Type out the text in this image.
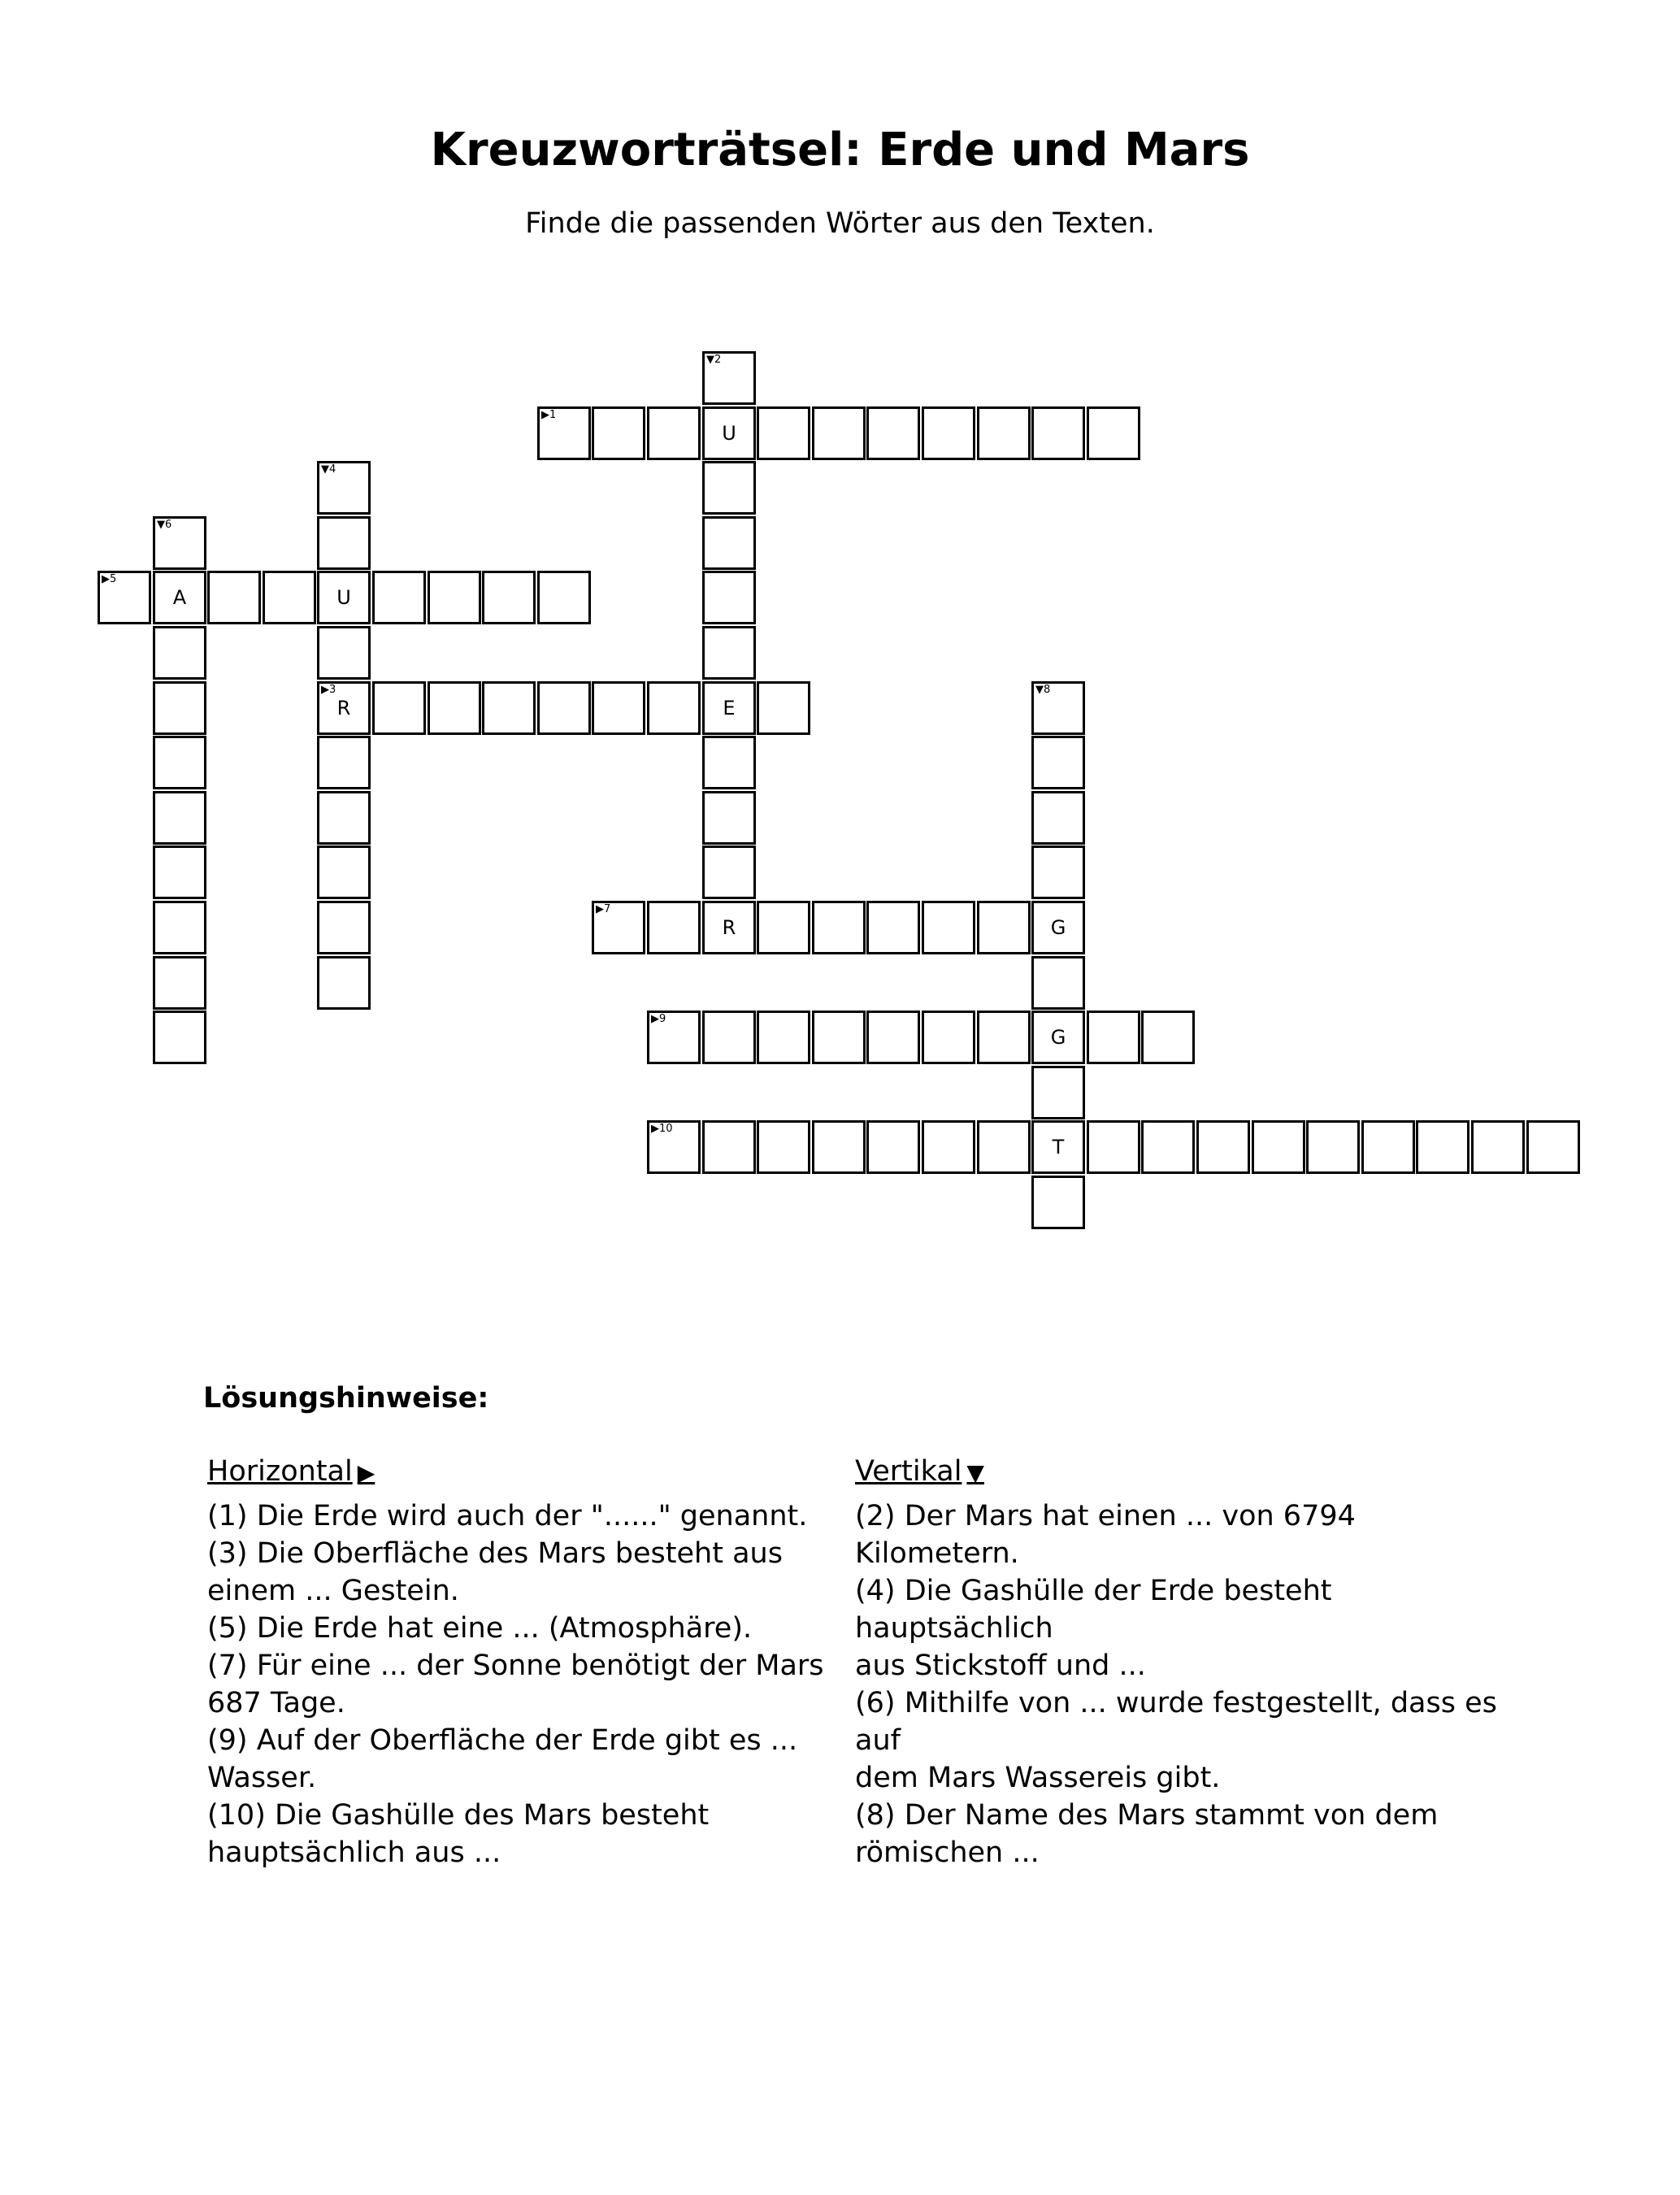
Kreuzworträtsel: Erde und Mars
Finde die passenden Wörter aus den Texten.
▶1
U
▼2
E
▶3
R
▼4
U
▶5
A
▼6
▶7
R	G
▼8
G
T
▶9
▶10
Lösungshinweise:
Horizontal ▶
(1) Die Erde wird auch der "......" genannt.
(3) Die Oberfläche des Mars besteht aus
einem ... Gestein.
(5) Die Erde hat eine ... (Atmosphäre).
(7) Für eine ... der Sonne benötigt der Mars
687 Tage.
(9) Auf der Oberfläche der Erde gibt es ...
Wasser.
(10) Die Gashülle des Mars besteht
hauptsächlich aus ...
Vertikal ▼
(2) Der Mars hat einen ... von 6794 Kilometern.
(4) Die Gashülle der Erde besteht hauptsächlich
aus Stickstoff und ...
(6) Mithilfe von ... wurde festgestellt, dass es auf
dem Mars Wassereis gibt.
(8) Der Name des Mars stammt von dem
römischen ...
